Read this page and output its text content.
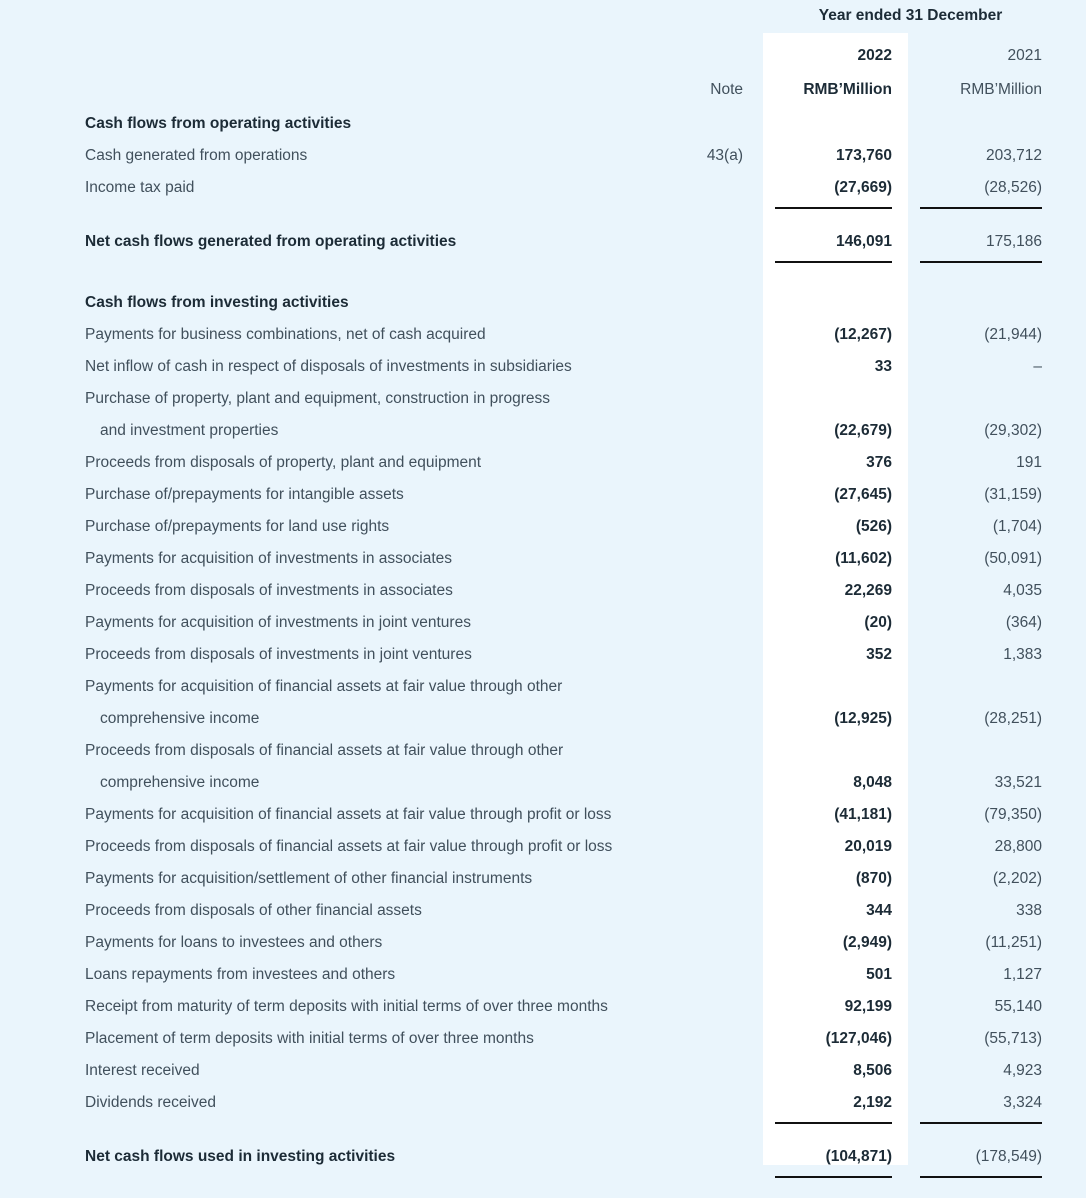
		Year ended 31 December		
		2022	2021	
	Note	RMB’Million	RMB’Million	
Cash flows from operating activities				
Cash generated from operations	43(a)	173,760	203,712	
Income tax paid		(27,669)	(28,526)	

Net cash flows generated from operating activities		146,091	175,186	

Cash flows from investing activities				
Payments for business combinations, net of cash acquired		(12,267)	(21,944)	
Net inflow of cash in respect of disposals of investments in subsidiaries		33	–	
Purchase of property, plant and equipment, construction in progress				
and investment properties		(22,679)	(29,302)	
Proceeds from disposals of property, plant and equipment		376	191	
Purchase of/prepayments for intangible assets		(27,645)	(31,159)	
Purchase of/prepayments for land use rights		(526)	(1,704)	
Payments for acquisition of investments in associates		(11,602)	(50,091)	
Proceeds from disposals of investments in associates		22,269	4,035	
Payments for acquisition of investments in joint ventures		(20)	(364)	
Proceeds from disposals of investments in joint ventures		352	1,383	
Payments for acquisition of financial assets at fair value through other				
comprehensive income		(12,925)	(28,251)	
Proceeds from disposals of financial assets at fair value through other				
comprehensive income		8,048	33,521	
Payments for acquisition of financial assets at fair value through profit or loss		(41,181)	(79,350)	
Proceeds from disposals of financial assets at fair value through profit or loss		20,019	28,800	
Payments for acquisition/settlement of other financial instruments		(870)	(2,202)	
Proceeds from disposals of other financial assets		344	338	
Payments for loans to investees and others		(2,949)	(11,251)	
Loans repayments from investees and others		501	1,127	
Receipt from maturity of term deposits with initial terms of over three months		92,199	55,140	
Placement of term deposits with initial terms of over three months		(127,046)	(55,713)	
Interest received		8,506	4,923	
Dividends received		2,192	3,324	

Net cash flows used in investing activities		(104,871)	(178,549)	
